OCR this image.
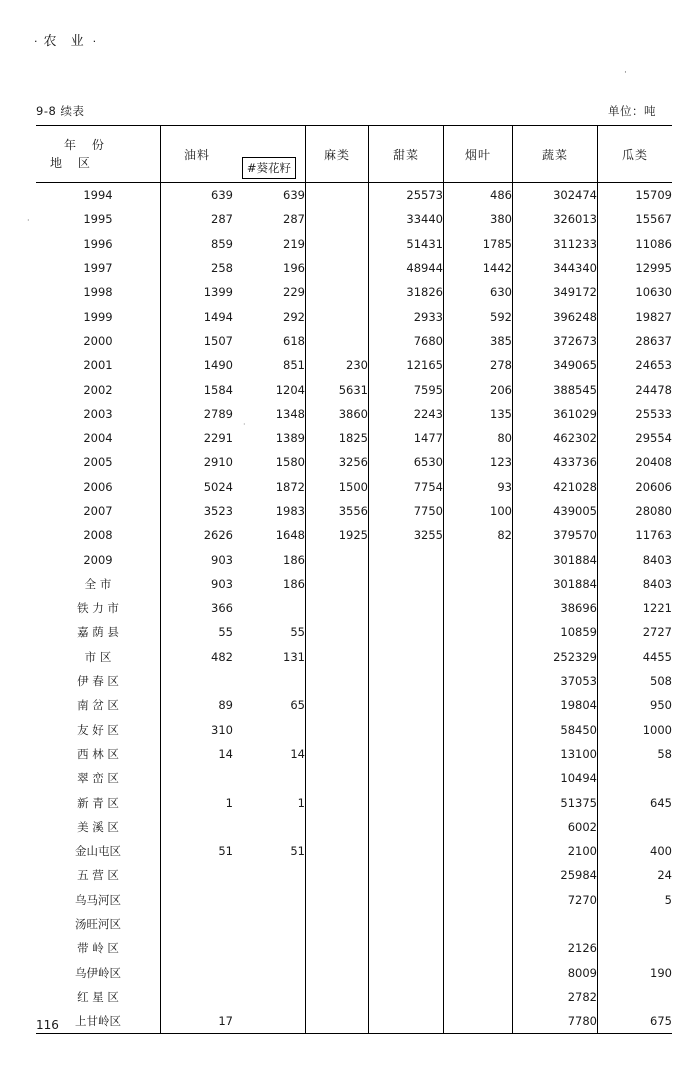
· 农 业 ·
·
·
·
9-8 续表	单位：吨
年 份
地 区	油料	#葵花籽	麻类	甜菜	烟叶	蔬菜	瓜类
1994	639	639		25573	486	302474	15709
1995	287	287		33440	380	326013	15567
1996	859	219		51431	1785	311233	11086
1997	258	196		48944	1442	344340	12995
1998	1399	229		31826	630	349172	10630
1999	1494	292		2933	592	396248	19827
2000	1507	618		7680	385	372673	28637
2001	1490	851	230	12165	278	349065	24653
2002	1584	1204	5631	7595	206	388545	24478
2003	2789	1348	3860	2243	135	361029	25533
2004	2291	1389	1825	1477	80	462302	29554
2005	2910	1580	3256	6530	123	433736	20408
2006	5024	1872	1500	7754	93	421028	20606
2007	3523	1983	3556	7750	100	439005	28080
2008	2626	1648	1925	3255	82	379570	11763
2009	903	186				301884	8403
全 市	903	186				301884	8403
铁 力 市	366					38696	1221
嘉 荫 县	55	55				10859	2727
市 区	482	131				252329	4455
伊 春 区						37053	508
南 岔 区	89	65				19804	950
友 好 区	310					58450	1000
西 林 区	14	14				13100	58
翠 峦 区						10494	
新 青 区	1	1				51375	645
美 溪 区						6002	
金山屯区	51	51				2100	400
五 营 区						25984	24
乌马河区						7270	5
汤旺河区							
带 岭 区						2126	
乌伊岭区						8009	190
红 星 区						2782	
上甘岭区	17					7780	675
116
